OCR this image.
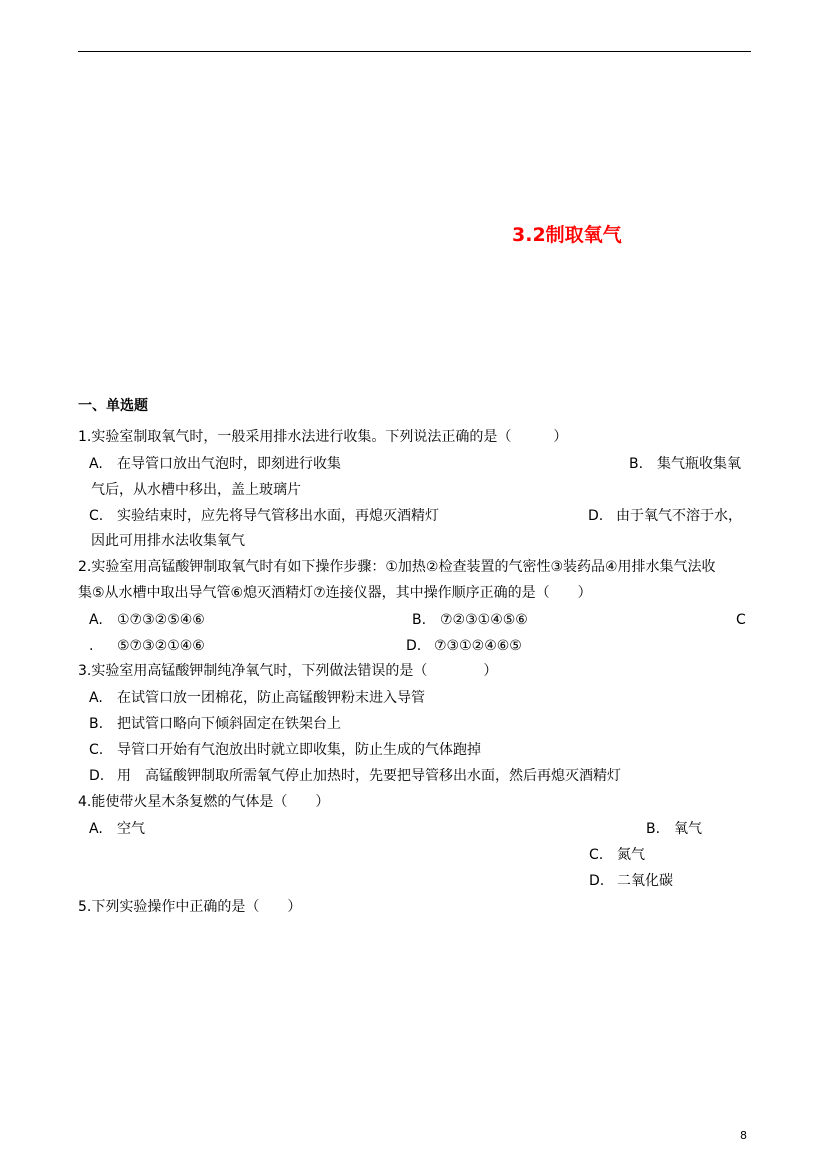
3.2制取氧气
一、单选题
1.实验室制取氧气时，一般采用排水法进行收集。下列说法正确的是（　　　）
A. 在导管口放出气泡时，即刻进行收集	B. 集气瓶收集氧
气后，从水槽中移出，盖上玻璃片
C. 实验结束时，应先将导气管移出水面，再熄灭酒精灯	D. 由于氧气不溶于水，
因此可用排水法收集氧气
2.实验室用高锰酸钾制取氧气时有如下操作步骤：①加热②检查装置的气密性③装药品④用排水集气法收
集⑤从水槽中取出导气管⑥熄灭酒精灯⑦连接仪器，其中操作顺序正确的是（　　）
A. ①⑦③②⑤④⑥	B. ⑦②③①④⑤⑥	C
. ⑤⑦③②①④⑥	D. ⑦③①②④⑥⑤
3.实验室用高锰酸钾制纯净氧气时，下列做法错误的是（　　　　）
A. 在试管口放一团棉花，防止高锰酸钾粉末进入导管
B. 把试管口略向下倾斜固定在铁架台上
C. 导管口开始有气泡放出时就立即收集，防止生成的气体跑掉
D. 用　高锰酸钾制取所需氧气停止加热时，先要把导管移出水面，然后再熄灭酒精灯
4.能使带火星木条复燃的气体是（　　）
A. 空气	B. 氧气
C. 氮气
D. 二氧化碳
5.下列实验操作中正确的是（　　）
8
